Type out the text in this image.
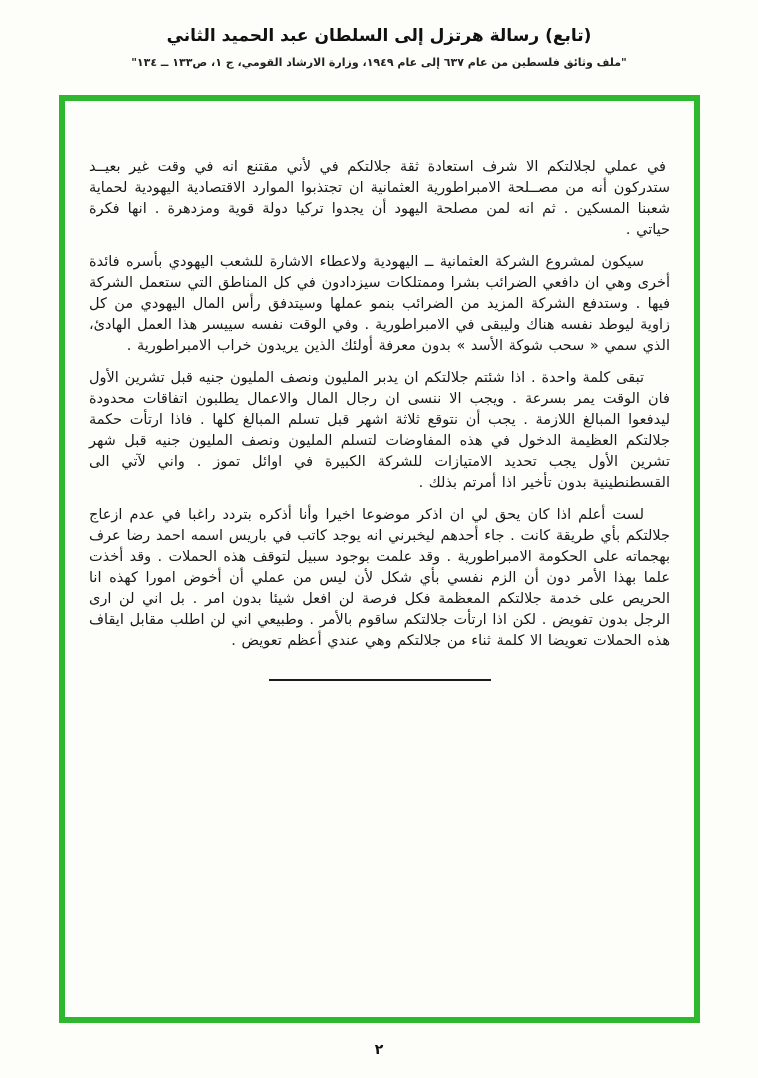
(تابع) رسالة هرتزل إلى السلطان عبد الحميد الثاني
"ملف وثائق فلسطين من عام ٦٣٧ إلى عام ١٩٤٩، وزارة الارشاد القومي، ج ١، ص١٣٣ ــ ١٣٤"

في عملي لجلالتكم الا شرف استعادة ثقة جلالتكم في لأني مقتنع انه في وقت غير بعيــد ستدركون أنه من مصــلحة الامبراطورية العثمانية ان تجتذبوا الموارد الاقتصادية اليهودية لحماية شعبنا المسكين . ثم انه لمن مصلحة اليهود أن يجدوا تركيا دولة قوية ومزدهرة . انها فكرة حياتي .

سيكون لمشروع الشركة العثمانية ــ اليهودية ولاعطاء الاشارة للشعب اليهودي بأسره فائدة أخرى وهي ان دافعي الضرائب بشرا وممتلكات سيزدادون في كل المناطق التي ستعمل الشركة فيها . وستدفع الشركة المزيد من الضرائب بنمو عملها وسيتدفق رأس المال اليهودي من كل زاوية ليوطد نفسه هناك وليبقى في الامبراطورية . وفي الوقت نفسه سييسر هذا العمل الهادئ، الذي سمي « سحب شوكة الأسد » بدون معرفة أولئك الذين يريدون خراب الامبراطورية .

تبقى كلمة واحدة . اذا شئتم جلالتكم ان يدبر المليون ونصف المليون جنيه قبل تشرين الأول فان الوقت يمر بسرعة . ويجب الا ننسى ان رجال المال والاعمال يطلبون اتفاقات محدودة ليدفعوا المبالغ اللازمة . يجب أن نتوقع ثلاثة اشهر قبل تسلم المبالغ كلها . فاذا ارتأت حكمة جلالتكم العظيمة الدخول في هذه المفاوضات لتسلم المليون ونصف المليون جنيه قبل شهر تشرين الأول يجب تحديد الامتيازات للشركة الكبيرة في اوائل تموز . واني لآتي الى القسطنطينية بدون تأخير اذا أمرتم بذلك .

لست أعلم اذا كان يحق لي ان اذكر موضوعا اخيرا وأنا أذكره بتردد راغبا في عدم ازعاج جلالتكم بأي طريقة كانت . جاء أحدهم ليخبرني انه يوجد كاتب في باريس اسمه احمد رضا عرف بهجماته على الحكومة الامبراطورية . وقد علمت بوجود سبيل لتوقف هذه الحملات . وقد أخذت علما بهذا الأمر دون أن الزم نفسي بأي شكل لأن ليس من عملي أن أخوض امورا كهذه انا الحريص على خدمة جلالتكم المعظمة فكل فرصة لن افعل شيئا بدون امر . بل اني لن ارى الرجل بدون تفويض . لكن اذا ارتأت جلالتكم ساقوم بالأمر . وطبيعي اني لن اطلب مقابل ايقاف هذه الحملات تعويضا الا كلمة ثناء من جلالتكم وهي عندي أعظم تعويض .

٢
